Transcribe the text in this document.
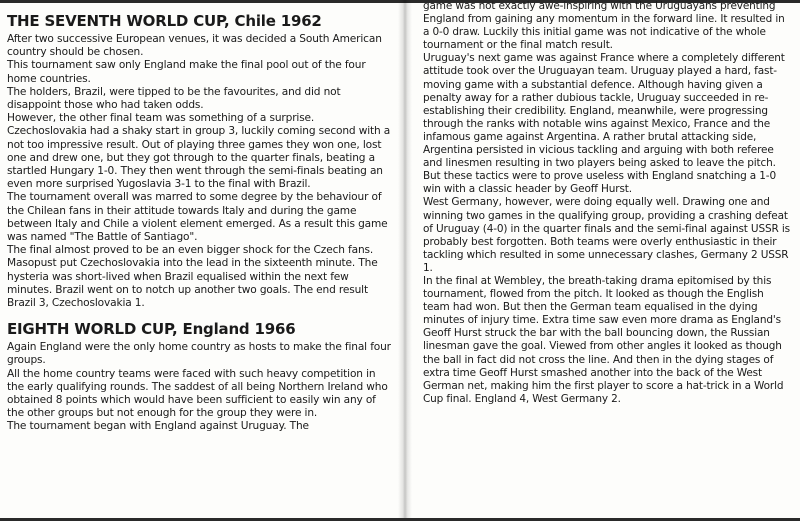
THE SEVENTH WORLD CUP, Chile 1962

After two successive European venues, it was decided a South American country should be chosen.

This tournament saw only England make the final pool out of the four home countries.

The holders, Brazil, were tipped to be the favourites, and did not disappoint those who had taken odds.

However, the other final team was something of a surprise. Czechoslovakia had a shaky start in group 3, luckily coming second with a not too impressive result. Out of playing three games they won one, lost one and drew one, but they got through to the quarter finals, beating a startled Hungary 1-0. They then went through the semi-finals beating an even more surprised Yugoslavia 3-1 to the final with Brazil.

The tournament overall was marred to some degree by the behaviour of the Chilean fans in their attitude towards Italy and during the game between Italy and Chile a violent element emerged. As a result this game was named "The Battle of Santiago".

The final almost proved to be an even bigger shock for the Czech fans. Masopust put Czechoslovakia into the lead in the sixteenth minute. The hysteria was short-lived when Brazil equalised within the next few minutes. Brazil went on to notch up another two goals. The end result Brazil 3, Czechoslovakia 1.

EIGHTH WORLD CUP, England 1966

Again England were the only home country as hosts to make the final four groups.

All the home country teams were faced with such heavy competition in the early qualifying rounds. The saddest of all being Northern Ireland who obtained 8 points which would have been sufficient to easily win any of the other groups but not enough for the group they were in.

The tournament began with England against Uruguay. The

game was not exactly awe-inspiring with the Uruguayans preventing England from gaining any momentum in the forward line. It resulted in a 0-0 draw. Luckily this initial game was not indicative of the whole tournament or the final match result.

Uruguay's next game was against France where a completely different attitude took over the Uruguayan team. Uruguay played a hard, fast-moving game with a substantial defence. Although having given a penalty away for a rather dubious tackle, Uruguay succeeded in re-establishing their credibility. England, meanwhile, were progressing through the ranks with notable wins against Mexico, France and the infamous game against Argentina. A rather brutal attacking side, Argentina persisted in vicious tackling and arguing with both referee and linesmen resulting in two players being asked to leave the pitch. But these tactics were to prove useless with England snatching a 1-0 win with a classic header by Geoff Hurst.

West Germany, however, were doing equally well. Drawing one and winning two games in the qualifying group, providing a crashing defeat of Uruguay (4-0) in the quarter finals and the semi-final against USSR is probably best forgotten. Both teams were overly enthusiastic in their tackling which resulted in some unnecessary clashes, Germany 2 USSR 1.

In the final at Wembley, the breath-taking drama epitomised by this tournament, flowed from the pitch. It looked as though the English team had won. But then the German team equalised in the dying minutes of injury time. Extra time saw even more drama as England's Geoff Hurst struck the bar with the ball bouncing down, the Russian linesman gave the goal. Viewed from other angles it looked as though the ball in fact did not cross the line. And then in the dying stages of extra time Geoff Hurst smashed another into the back of the West German net, making him the first player to score a hat-trick in a World Cup final. England 4, West Germany 2.
